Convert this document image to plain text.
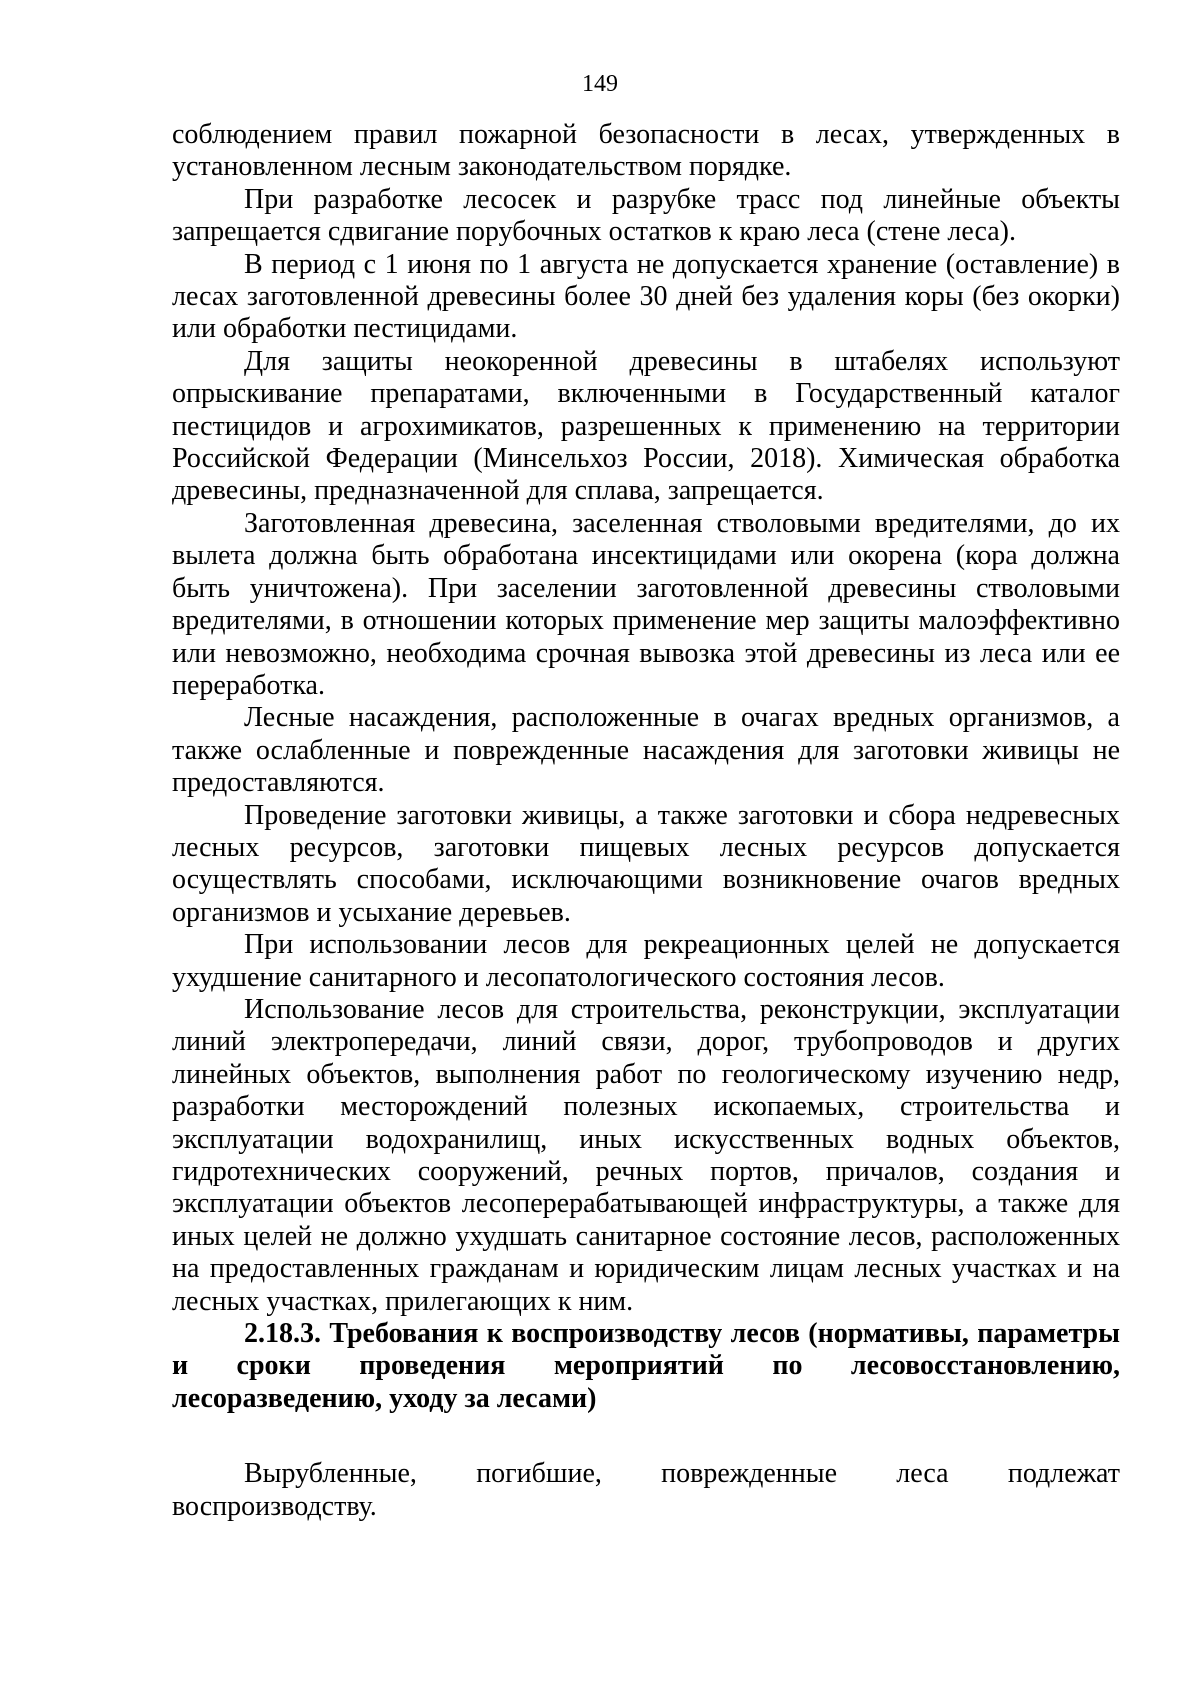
149

соблюдением правил пожарной безопасности в лесах, утвержденных в установленном лесным законодательством порядке.

При разработке лесосек и разрубке трасс под линейные объекты запрещается сдвигание порубочных остатков к краю леса (стене леса).

В период с 1 июня по 1 августа не допускается хранение (оставление) в лесах заготовленной древесины более 30 дней без удаления коры (без окорки) или обработки пестицидами.

Для защиты неокоренной древесины в штабелях используют опрыскивание препаратами, включенными в Государственный каталог пестицидов и агрохимикатов, разрешенных к применению на территории Российской Федерации (Минсельхоз России, 2018). Химическая обработка древесины, предназначенной для сплава, запрещается.

Заготовленная древесина, заселенная стволовыми вредителями, до их вылета должна быть обработана инсектицидами или окорена (кора должна быть уничтожена). При заселении заготовленной древесины стволовыми вредителями, в отношении которых применение мер защиты малоэффективно или невозможно, необходима срочная вывозка этой древесины из леса или ее переработка.

Лесные насаждения, расположенные в очагах вредных организмов, а также ослабленные и поврежденные насаждения для заготовки живицы не предоставляются.

Проведение заготовки живицы, а также заготовки и сбора недревесных лесных ресурсов, заготовки пищевых лесных ресурсов допускается осуществлять способами, исключающими возникновение очагов вредных организмов и усыхание деревьев.

При использовании лесов для рекреационных целей не допускается ухудшение санитарного и лесопатологического состояния лесов.

Использование лесов для строительства, реконструкции, эксплуатации линий электропередачи, линий связи, дорог, трубопроводов и других линейных объектов, выполнения работ по геологическому изучению недр, разработки месторождений полезных ископаемых, строительства и эксплуатации водохранилищ, иных искусственных водных объектов, гидротехнических сооружений, речных портов, причалов, создания и эксплуатации объектов лесоперерабатывающей инфраструктуры, а также для иных целей не должно ухудшать санитарное состояние лесов, расположенных на предоставленных гражданам и юридическим лицам лесных участках и на лесных участках, прилегающих к ним.

2.18.3. Требования к воспроизводству лесов (нормативы, параметры и сроки проведения мероприятий по лесовосстановлению, лесоразведению, уходу за лесами)

Вырубленные, погибшие, поврежденные леса подлежат воспроизводству.
